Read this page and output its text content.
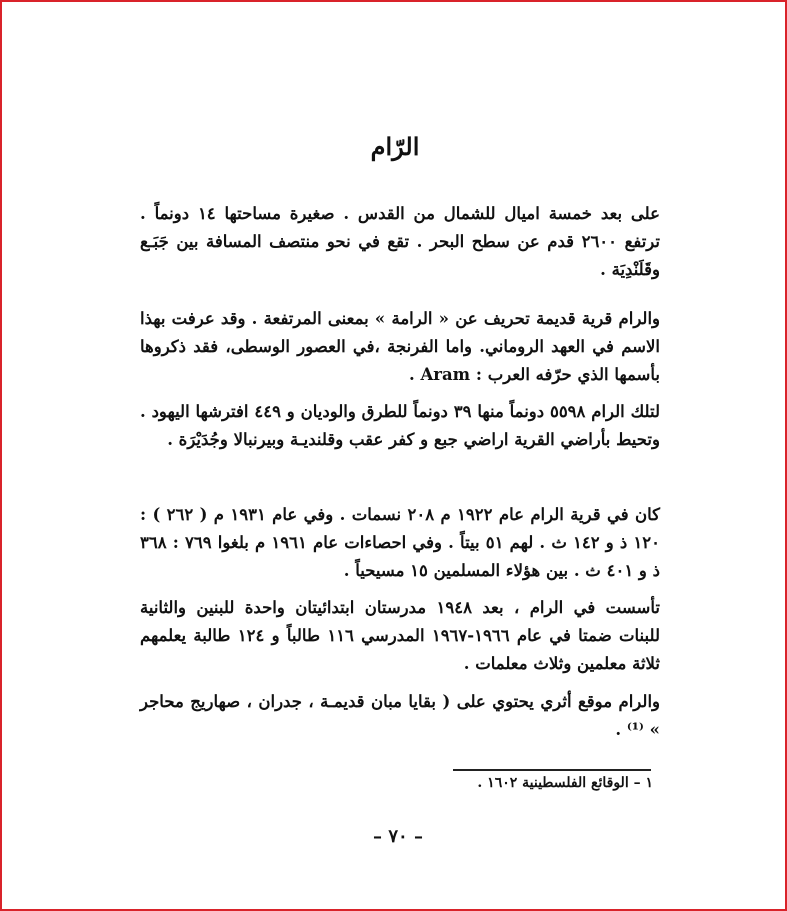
الرّام

على بعد خمسة اميال للشمال من القدس . صغيرة مساحتها ١٤ دونماً . ترتفع ٢٦٠٠ قدم عن سطح البحر . تقع في نحو منتصف المسافة بين جَبَـع وقَلَنْدِيَة .

والرام قرية قديمة تحريف عن « الرامة » بمعنى المرتفعة . وقد عرفت بهذا الاسم في العهد الروماني. واما الفرنجة ،في العصور الوسطى، فقد ذكروها بأسمها الذي حرّفه العرب : Aram .

لتلك الرام ٥٥٩٨ دونماً منها ٣٩ دونماً للطرق والوديان و ٤٤٩ افترشها اليهود . وتحيط بأراضي القرية اراضي جبع و كفر عقب وقلنديـة وبيرنبالا وجُدَيْرَة .

كان في قرية الرام عام ١٩٢٢ م ٢٠٨ نسمات . وفي عام ١٩٣١ م ( ٢٦٢ ) : ١٢٠ ذ و ١٤٢ ث . لهم ٥١ بيتاً . وفي احصاءات عام ١٩٦١ م بلغوا ٧٦٩ : ٣٦٨ ذ و ٤٠١ ث . بين هؤلاء المسلمين ١٥ مسيحياً .

تأسست في الرام ، بعد ١٩٤٨ مدرستان ابتدائيتان واحدة للبنين والثانية للبنات ضمتا في عام ١٩٦٦-١٩٦٧ المدرسي ١١٦ طالباً و ١٢٤ طالبة يعلمهم ثلاثة معلمين وثلاث معلمات .

والرام موقع أثري يحتوي على ( بقايا مبان قديمـة ، جدران ، صهاريج محاجر » ⁽¹⁾ .

١ – الوقائع الفلسطينية ١٦٠٢ .
– ٧٠ –
